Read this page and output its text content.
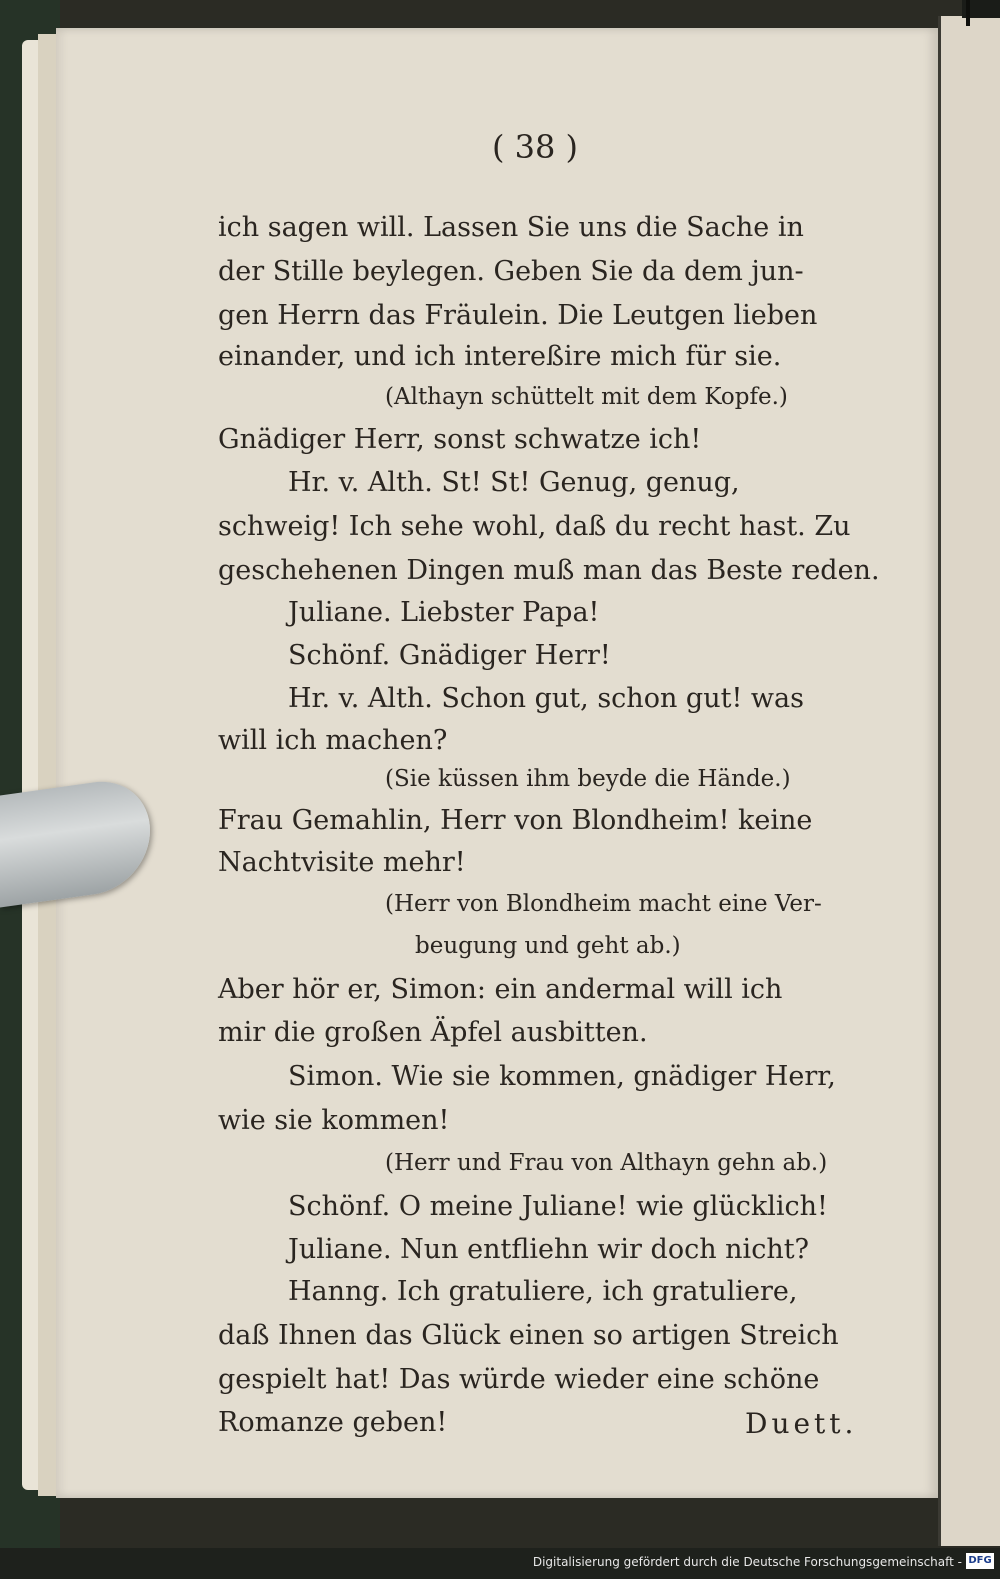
( 38 )
ich sagen will. Lassen Sie uns die Sache in
der Stille beylegen. Geben Sie da dem jun-
gen Herrn das Fräulein. Die Leutgen lieben
einander, und ich intereßire mich für sie.
(Althayn schüttelt mit dem Kopfe.)
Gnädiger Herr, sonst schwatze ich!
Hr. v. Alth. St! St! Genug, genug,
schweig! Ich sehe wohl, daß du recht hast. Zu
geschehenen Dingen muß man das Beste reden.
Juliane. Liebster Papa!
Schönf. Gnädiger Herr!
Hr. v. Alth. Schon gut, schon gut! was
will ich machen?
(Sie küssen ihm beyde die Hände.)
Frau Gemahlin, Herr von Blondheim! keine
Nachtvisite mehr!
(Herr von Blondheim macht eine Ver-
beugung und geht ab.)
Aber hör er, Simon: ein andermal will ich
mir die großen Äpfel ausbitten.
Simon. Wie sie kommen, gnädiger Herr,
wie sie kommen!
(Herr und Frau von Althayn gehn ab.)
Schönf. O meine Juliane! wie glücklich!
Juliane. Nun entfliehn wir doch nicht?
Hanng. Ich gratuliere, ich gratuliere,
daß Ihnen das Glück einen so artigen Streich
gespielt hat! Das würde wieder eine schöne
Romanze geben!	Duett.
Digitalisierung gefördert durch die Deutsche Forschungsgemeinschaft - DFG
